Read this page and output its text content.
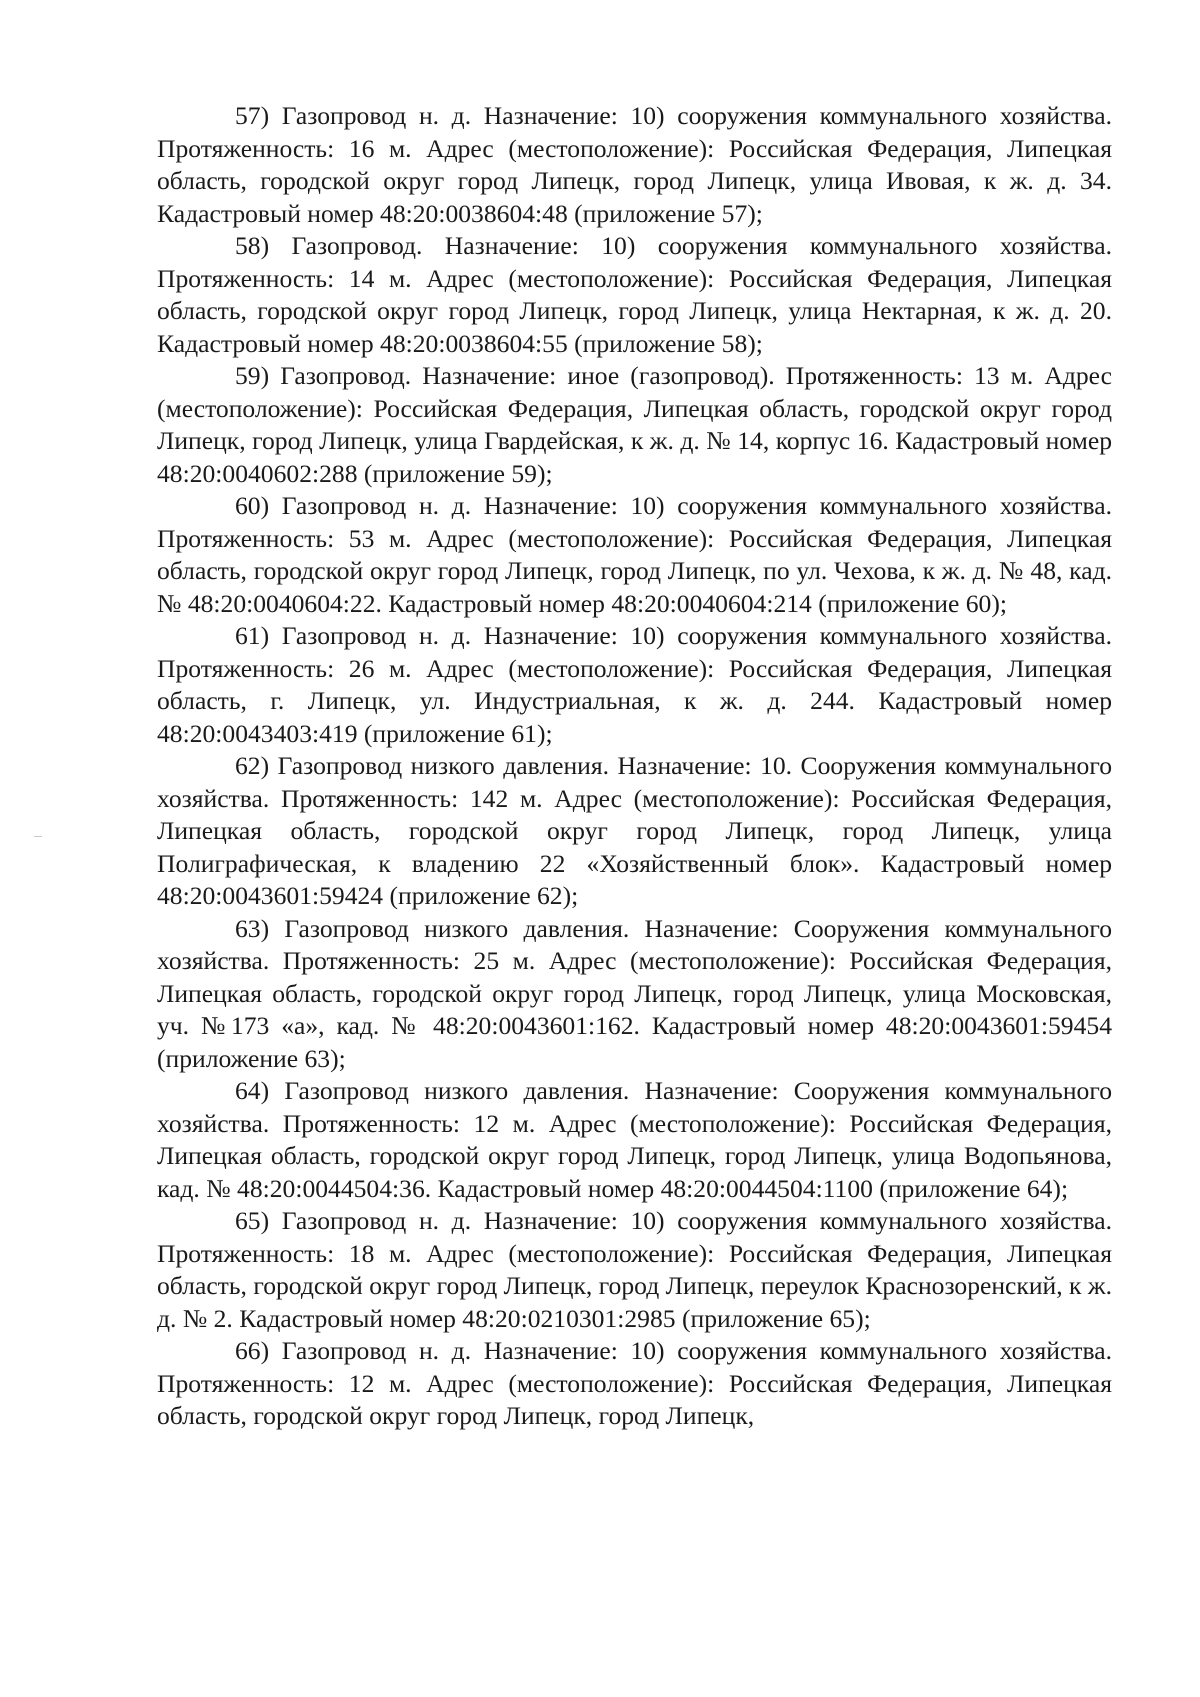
57) Газопровод н. д. Назначение: 10) сооружения коммунального хозяйства. Протяженность: 16 м. Адрес (местоположение): Российская Федерация, Липецкая область, городской округ город Липецк, город Липецк, улица Ивовая, к ж. д. 34. Кадастровый номер 48:20:0038604:48 (приложение 57);

58) Газопровод. Назначение: 10) сооружения коммунального хозяйства. Протяженность: 14 м. Адрес (местоположение): Российская Федерация, Липецкая область, городской округ город Липецк, город Липецк, улица Нектарная, к ж. д. 20. Кадастровый номер 48:20:0038604:55 (приложение 58);

59) Газопровод. Назначение: иное (газопровод). Протяженность: 13 м. Адрес (местоположение): Российская Федерация, Липецкая область, городской округ город Липецк, город Липецк, улица Гвардейская, к ж. д. № 14, корпус 16. Кадастровый номер 48:20:0040602:288 (приложение 59);

60) Газопровод н. д. Назначение: 10) сооружения коммунального хозяйства. Протяженность: 53 м. Адрес (местоположение): Российская Федерация, Липецкая область, городской округ город Липецк, город Липецк, по ул. Чехова, к ж. д. № 48, кад. № 48:20:0040604:22. Кадастровый номер 48:20:0040604:214 (приложение 60);

61) Газопровод н. д. Назначение: 10) сооружения коммунального хозяйства. Протяженность: 26 м. Адрес (местоположение): Российская Федерация, Липецкая область, г. Липецк, ул. Индустриальная, к ж. д. 244. Кадастровый номер 48:20:0043403:419 (приложение 61);

62) Газопровод низкого давления. Назначение: 10. Сооружения коммунального хозяйства. Протяженность: 142 м. Адрес (местоположение): Российская Федерация, Липецкая область, городской округ город Липецк, город Липецк, улица Полиграфическая, к владению 22 «Хозяйственный блок». Кадастровый номер 48:20:0043601:59424 (приложение 62);

63) Газопровод низкого давления. Назначение: Сооружения коммунального хозяйства. Протяженность: 25 м. Адрес (местоположение): Российская Федерация, Липецкая область, городской округ город Липецк, город Липецк, улица Московская, уч. №173 «а», кад. № 48:20:0043601:162. Кадастровый номер 48:20:0043601:59454 (приложение 63);

64) Газопровод низкого давления. Назначение: Сооружения коммунального хозяйства. Протяженность: 12 м. Адрес (местоположение): Российская Федерация, Липецкая область, городской округ город Липецк, город Липецк, улица Водопьянова, кад. № 48:20:0044504:36. Кадастровый номер 48:20:0044504:1100 (приложение 64);

65) Газопровод н. д. Назначение: 10) сооружения коммунального хозяйства. Протяженность: 18 м. Адрес (местоположение): Российская Федерация, Липецкая область, городской округ город Липецк, город Липецк, переулок Краснозоренский, к ж. д. № 2. Кадастровый номер 48:20:0210301:2985 (приложение 65);

66) Газопровод н. д. Назначение: 10) сооружения коммунального хозяйства. Протяженность: 12 м. Адрес (местоположение): Российская Федерация, Липецкая область, городской округ город Липецк, город Липецк,
